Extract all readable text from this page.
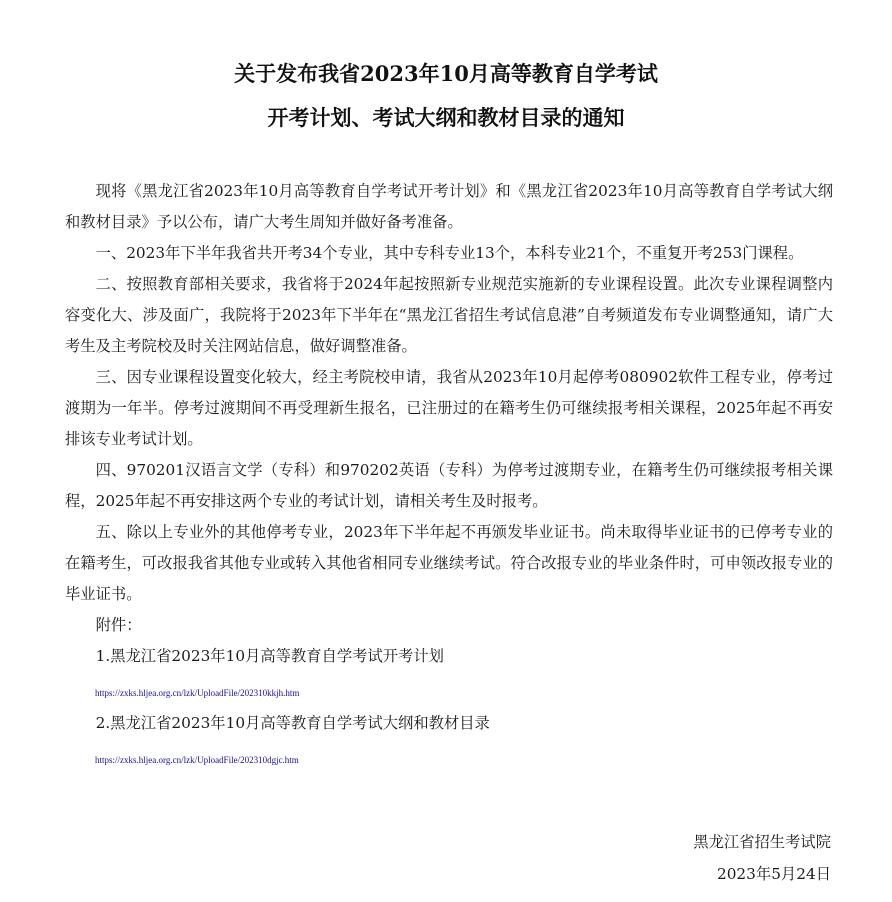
关于发布我省2023年10月高等教育自学考试
开考计划、考试大纲和教材目录的通知

现将《黑龙江省2023年10月高等教育自学考试开考计划》和《黑龙江省2023年10月高等教育自学考试大纲和教材目录》予以公布，请广大考生周知并做好备考准备。

一、2023年下半年我省共开考34个专业，其中专科专业13个，本科专业21个，不重复开考253门课程。

二、按照教育部相关要求，我省将于2024年起按照新专业规范实施新的专业课程设置。此次专业课程调整内容变化大、涉及面广，我院将于2023年下半年在“黑龙江省招生考试信息港”自考频道发布专业调整通知，请广大考生及主考院校及时关注网站信息，做好调整准备。

三、因专业课程设置变化较大，经主考院校申请，我省从2023年10月起停考080902软件工程专业，停考过渡期为一年半。停考过渡期间不再受理新生报名，已注册过的在籍考生仍可继续报考相关课程，2025年起不再安排该专业考试计划。

四、970201汉语言文学（专科）和970202英语（专科）为停考过渡期专业，在籍考生仍可继续报考相关课程，2025年起不再安排这两个专业的考试计划，请相关考生及时报考。

五、除以上专业外的其他停考专业，2023年下半年起不再颁发毕业证书。尚未取得毕业证书的已停考专业的在籍考生，可改报我省其他专业或转入其他省相同专业继续考试。符合改报专业的毕业条件时，可申领改报专业的毕业证书。

附件：

1.黑龙江省2023年10月高等教育自学考试开考计划

https://zxks.hljea.org.cn/lzk/UploadFile/202310kkjh.htm

2.黑龙江省2023年10月高等教育自学考试大纲和教材目录

https://zxks.hljea.org.cn/lzk/UploadFile/202310dgjc.htm
黑龙江省招生考试院
2023年5月24日
